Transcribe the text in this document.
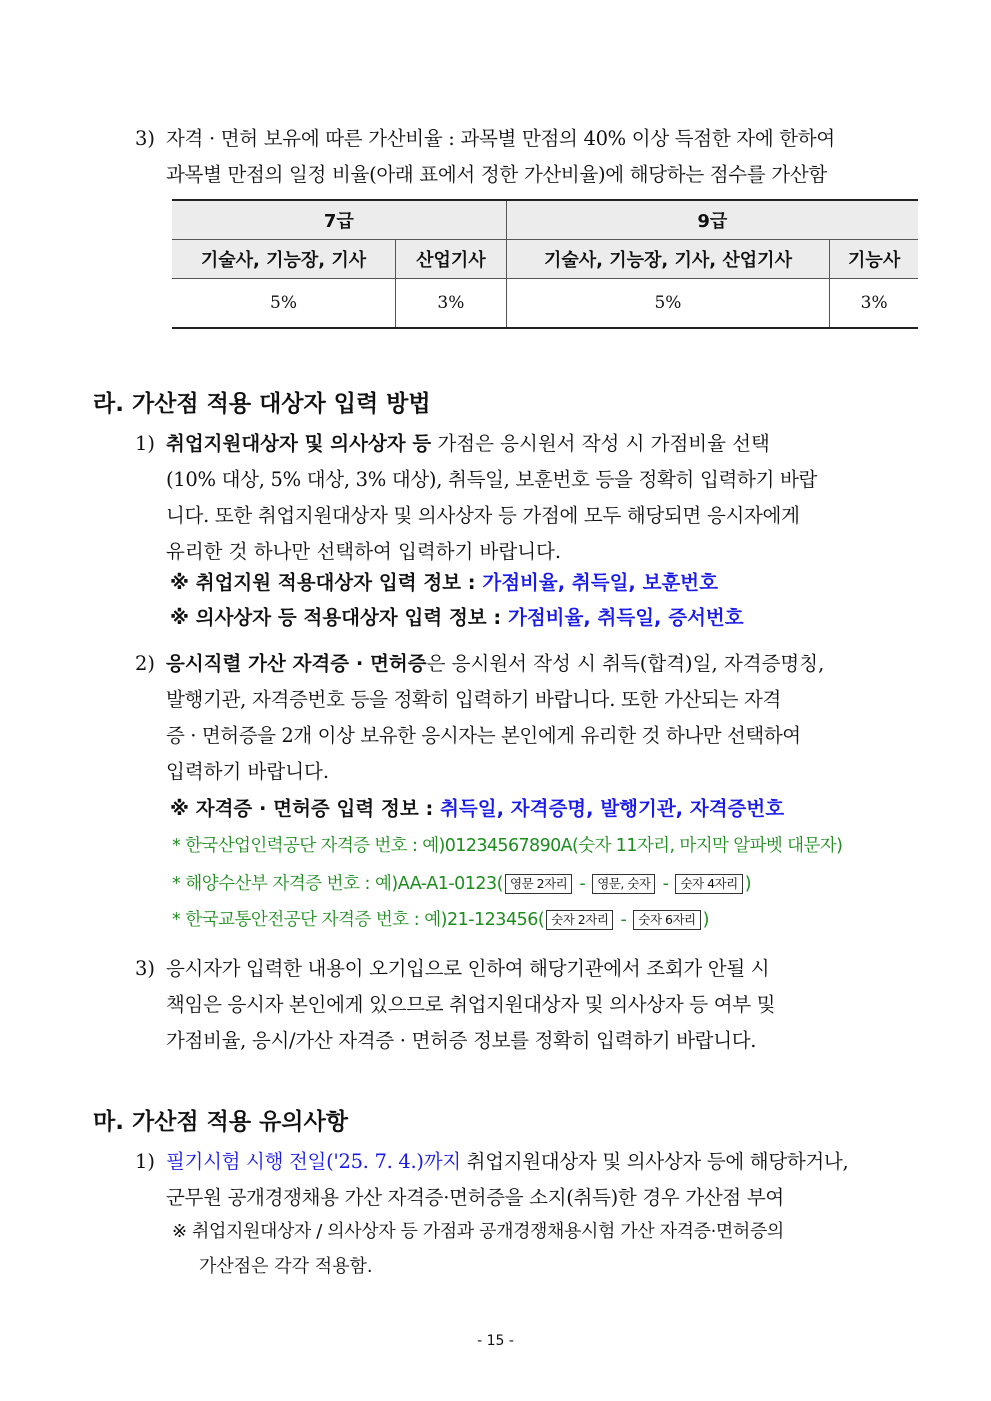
3) 자격 · 면허 보유에 따른 가산비율 : 과목별 만점의 40% 이상 득점한 자에 한하여
과목별 만점의 일정 비율(아래 표에서 정한 가산비율)에 해당하는 점수를 가산함
7급		9급	
기술사, 기능장, 기사	산업기사	기술사, 기능장, 기사, 산업기사	기능사
5%	3%	5%	3%
라. 가산점 적용 대상자 입력 방법
1) 취업지원대상자 및 의사상자 등 가점은 응시원서 작성 시 가점비율 선택
(10% 대상, 5% 대상, 3% 대상), 취득일, 보훈번호 등을 정확히 입력하기 바랍
니다. 또한 취업지원대상자 및 의사상자 등 가점에 모두 해당되면 응시자에게
유리한 것 하나만 선택하여 입력하기 바랍니다.
※ 취업지원 적용대상자 입력 정보 : 가점비율, 취득일, 보훈번호
※ 의사상자 등 적용대상자 입력 정보 : 가점비율, 취득일, 증서번호
2) 응시직렬 가산 자격증 · 면허증은 응시원서 작성 시 취득(합격)일, 자격증명칭,
발행기관, 자격증번호 등을 정확히 입력하기 바랍니다. 또한 가산되는 자격
증 · 면허증을 2개 이상 보유한 응시자는 본인에게 유리한 것 하나만 선택하여
입력하기 바랍니다.
※ 자격증 · 면허증 입력 정보 : 취득일, 자격증명, 발행기관, 자격증번호
* 한국산업인력공단 자격증 번호 : 예)01234567890A(숫자 11자리, 마지막 알파벳 대문자)
* 해양수산부 자격증 번호 : 예)AA-A1-0123( 영문 2자리 - 영문, 숫자 - 숫자 4자리 )
* 한국교통안전공단 자격증 번호 : 예)21-123456( 숫자 2자리 - 숫자 6자리 )
3) 응시자가 입력한 내용이 오기입으로 인하여 해당기관에서 조회가 안될 시
책임은 응시자 본인에게 있으므로 취업지원대상자 및 의사상자 등 여부 및
가점비율, 응시/가산 자격증 · 면허증 정보를 정확히 입력하기 바랍니다.
마. 가산점 적용 유의사항
1) 필기시험 시행 전일('25. 7. 4.)까지 취업지원대상자 및 의사상자 등에 해당하거나,
군무원 공개경쟁채용 가산 자격증·면허증을 소지(취득)한 경우 가산점 부여
※ 취업지원대상자 / 의사상자 등 가점과 공개경쟁채용시험 가산 자격증·면허증의
가산점은 각각 적용함.
- 15 -
